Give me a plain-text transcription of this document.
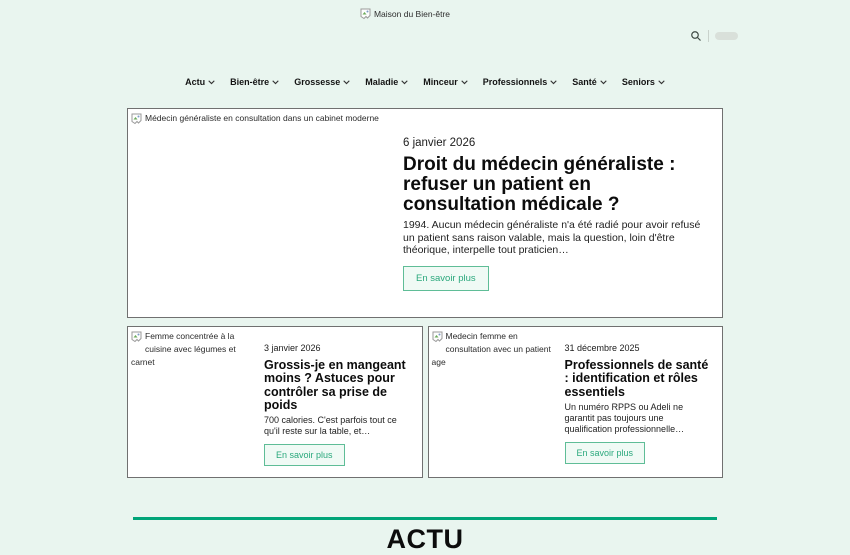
Maison du Bien-être
Actu	Bien-être	Grossesse	Maladie	Minceur	Professionnels	Santé	Seniors
Médecin généraliste en consultation dans un cabinet moderne
6 janvier 2026
Droit du médecin généraliste : refuser un patient en consultation médicale ?

1994. Aucun médecin généraliste n'a été radié pour avoir refusé un patient sans raison valable, mais la question, loin d'être théorique, interpelle tout praticien…

En savoir plus
Femme concentrée à la cuisine avec légumes et carnet
3 janvier 2026
Grossis-je en mangeant moins ? Astuces pour contrôler sa prise de poids

700 calories. C'est parfois tout ce qu'il reste sur la table, et…

En savoir plus
Medecin femme en consultation avec un patient age
31 décembre 2025
Professionnels de santé : identification et rôles essentiels

Un numéro RPPS ou Adeli ne garantit pas toujours une qualification professionnelle…

En savoir plus
ACTU
